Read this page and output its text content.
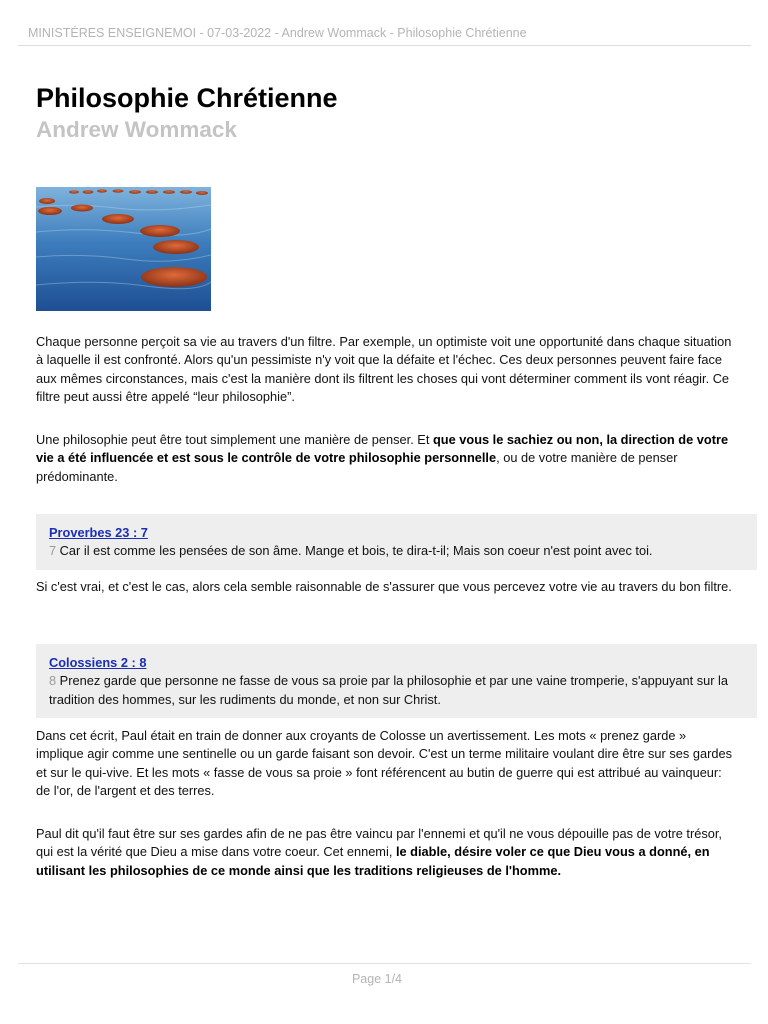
MINISTÉRES ENSEIGNEMOI - 07-03-2022 - Andrew Wommack - Philosophie Chrétienne
Philosophie Chrétienne
Andrew Wommack

Chaque personne perçoit sa vie au travers d'un filtre. Par exemple, un optimiste voit une opportunité dans chaque situation à laquelle il est confronté. Alors qu'un pessimiste n'y voit que la défaite et l'échec. Ces deux personnes peuvent faire face aux mêmes circonstances, mais c'est la manière dont ils filtrent les choses qui vont déterminer comment ils vont réagir. Ce filtre peut aussi être appelé “leur philosophie”.

Une philosophie peut être tout simplement une manière de penser. Et que vous le sachiez ou non, la direction de votre vie a été influencée et est sous le contrôle de votre philosophie personnelle, ou de votre manière de penser prédominante.

Proverbes 23 : 7
7 Car il est comme les pensées de son âme. Mange et bois, te dira-t-il; Mais son coeur n'est point avec toi.

Si c'est vrai, et c'est le cas, alors cela semble raisonnable de s'assurer que vous percevez votre vie au travers du bon filtre.

Colossiens 2 : 8
8 Prenez garde que personne ne fasse de vous sa proie par la philosophie et par une vaine tromperie, s'appuyant sur la tradition des hommes, sur les rudiments du monde, et non sur Christ.

Dans cet écrit, Paul était en train de donner aux croyants de Colosse un avertissement. Les mots « prenez garde » implique agir comme une sentinelle ou un garde faisant son devoir. C'est un terme militaire voulant dire être sur ses gardes et sur le qui-vive. Et les mots « fasse de vous sa proie » font référencent au butin de guerre qui est attribué au vainqueur: de l'or, de l'argent et des terres.

Paul dit qu'il faut être sur ses gardes afin de ne pas être vaincu par l'ennemi et qu'il ne vous dépouille pas de votre trésor, qui est la vérité que Dieu a mise dans votre coeur. Cet ennemi, le diable, désire voler ce que Dieu vous a donné, en utilisant les philosophies de ce monde ainsi que les traditions religieuses de l'homme.

Page 1/4
